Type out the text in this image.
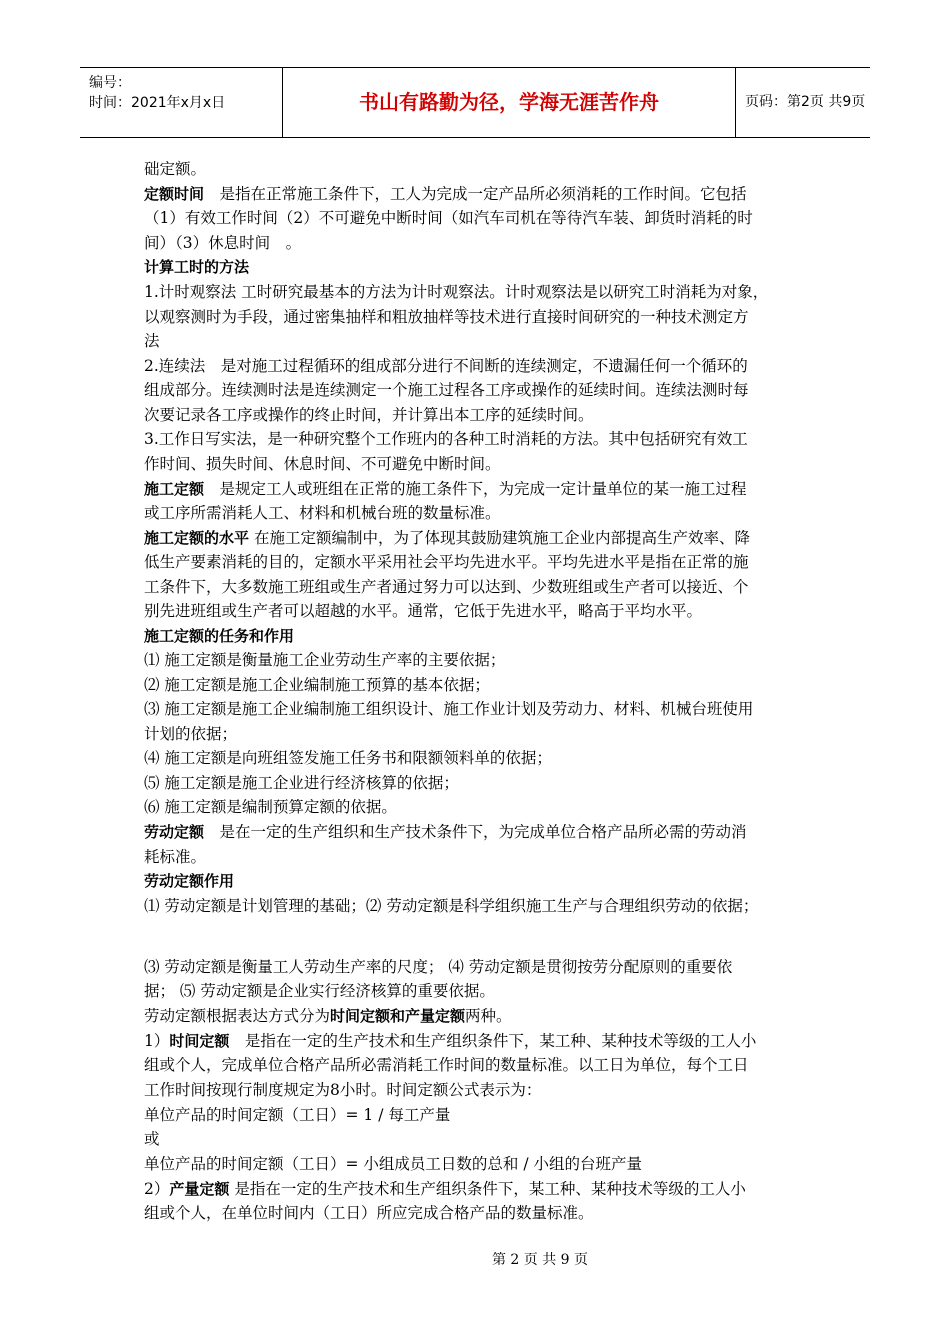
编号：
时间：2021年x月x日	书山有路勤为径，学海无涯苦作舟	页码：第2页 共9页
础定额。
定额时间　是指在正常施工条件下，工人为完成一定产品所必须消耗的工作时间。它包括
（1）有效工作时间（2）不可避免中断时间（如汽车司机在等待汽车装、卸货时消耗的时
间）（3）休息时间　。
计算工时的方法
1.计时观察法 工时研究最基本的方法为计时观察法。计时观察法是以研究工时消耗为对象，
以观察测时为手段，通过密集抽样和粗放抽样等技术进行直接时间研究的一种技术测定方
法
2.连续法　是对施工过程循环的组成部分进行不间断的连续测定，不遗漏任何一个循环的
组成部分。连续测时法是连续测定一个施工过程各工序或操作的延续时间。连续法测时每
次要记录各工序或操作的终止时间，并计算出本工序的延续时间。
3.工作日写实法，是一种研究整个工作班内的各种工时消耗的方法。其中包括研究有效工
作时间、损失时间、休息时间、不可避免中断时间。
施工定额　是规定工人或班组在正常的施工条件下，为完成一定计量单位的某一施工过程
或工序所需消耗人工、材料和机械台班的数量标准。
施工定额的水平 在施工定额编制中，为了体现其鼓励建筑施工企业内部提高生产效率、降
低生产要素消耗的目的，定额水平采用社会平均先进水平。平均先进水平是指在正常的施
工条件下，大多数施工班组或生产者通过努力可以达到、少数班组或生产者可以接近、个
别先进班组或生产者可以超越的水平。通常，它低于先进水平，略高于平均水平。
施工定额的任务和作用
⑴ 施工定额是衡量施工企业劳动生产率的主要依据；
⑵ 施工定额是施工企业编制施工预算的基本依据；
⑶ 施工定额是施工企业编制施工组织设计、施工作业计划及劳动力、材料、机械台班使用
计划的依据；
⑷ 施工定额是向班组签发施工任务书和限额领料单的依据；
⑸ 施工定额是施工企业进行经济核算的依据；
⑹ 施工定额是编制预算定额的依据。
劳动定额　是在一定的生产组织和生产技术条件下，为完成单位合格产品所必需的劳动消
耗标准。
劳动定额作用
⑴ 劳动定额是计划管理的基础；⑵ 劳动定额是科学组织施工生产与合理组织劳动的依据；
⑶ 劳动定额是衡量工人劳动生产率的尺度； ⑷ 劳动定额是贯彻按劳分配原则的重要依
据； ⑸ 劳动定额是企业实行经济核算的重要依据。
劳动定额根据表达方式分为时间定额和产量定额两种。
1）时间定额　是指在一定的生产技术和生产组织条件下，某工种、某种技术等级的工人小
组或个人，完成单位合格产品所必需消耗工作时间的数量标准。以工日为单位，每个工日
工作时间按现行制度规定为8小时。时间定额公式表示为：
单位产品的时间定额（工日）= 1 / 每工产量
或
单位产品的时间定额（工日）= 小组成员工日数的总和 / 小组的台班产量
2）产量定额 是指在一定的生产技术和生产组织条件下，某工种、某种技术等级的工人小
组或个人，在单位时间内（工日）所应完成合格产品的数量标准。
第 2 页 共 9 页
